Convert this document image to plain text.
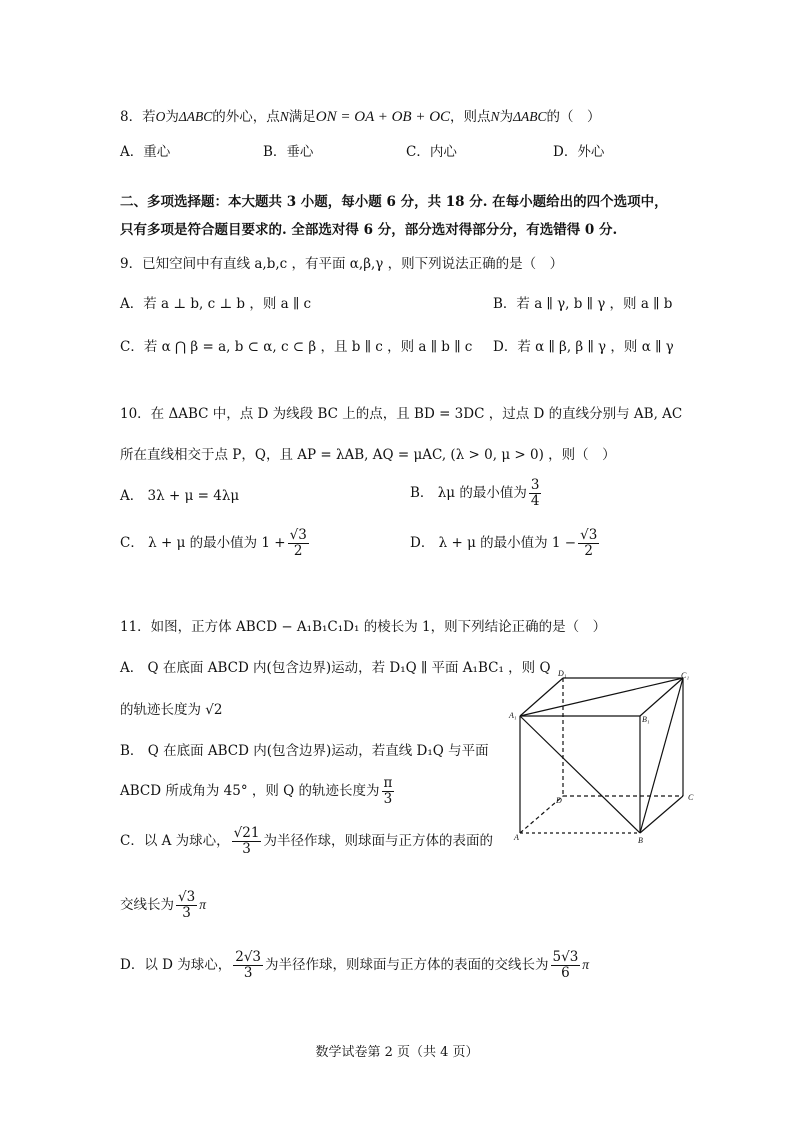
8．若O为ΔABC的外心，点N满足ON = OA + OB + OC，则点N为ΔABC的（　）
A．重心	B．垂心	C．内心	D．外心
二、多项选择题：本大题共 3 小题，每小题 6 分，共 18 分. 在每小题给出的四个选项中，
只有多项是符合题目要求的. 全部选对得 6 分，部分选对得部分分，有选错得 0 分.
9．已知空间中有直线 a,b,c ，有平面 α,β,γ ，则下列说法正确的是（　）
A．若 a ⊥ b, c ⊥ b ，则 a ∥ c	B．若 a ∥ γ, b ∥ γ ，则 a ∥ b
C．若 α ⋂ β = a, b ⊂ α, c ⊂ β ，且 b ∥ c ，则 a ∥ b ∥ c D．若 α ∥ β, β ∥ γ ，则 α ∥ γ
10．在 ΔABC 中，点 D 为线段 BC 上的点，且 BD = 3DC ，过点 D 的直线分别与 AB, AC
所在直线相交于点 P，Q，且 AP = λAB, AQ = μAC, (λ > 0, μ > 0) ，则（　）
A． 3λ + μ = 4λμ	B． λμ 的最小值为 $\frac{3}{4}$
C． λ + μ 的最小值为 $1 + \frac{√3}{2}$	D． λ + μ 的最小值为 $1 - \frac{√3}{2}$
11．如图，正方体 ABCD − A₁B₁C₁D₁ 的棱长为 1，则下列结论正确的是（　）
A． Q 在底面 ABCD 内(包含边界)运动，若 D₁Q ∥ 平面 A₁BC₁ ，则 Q
的轨迹长度为 √2
B． Q 在底面 ABCD 内(包含边界)运动，若直线 D₁Q 与平面
ABCD 所成角为 45° ，则 Q 的轨迹长度为 $\frac{\pi}{3}$
C．以 A 为球心， $\frac{√21}{3}$ 为半径作球，则球面与正方体的表面的
交线长为 $\frac{√3}{3}$ π
D．以 D 为球心， $\frac{2√3}{3}$ 为半径作球，则球面与正方体的表面的交线长为 $\frac{5√3}{6}$ π
D₁	C₁
A₁	B₁
D	C
A	B
数学试卷第 2 页（共 4 页）
